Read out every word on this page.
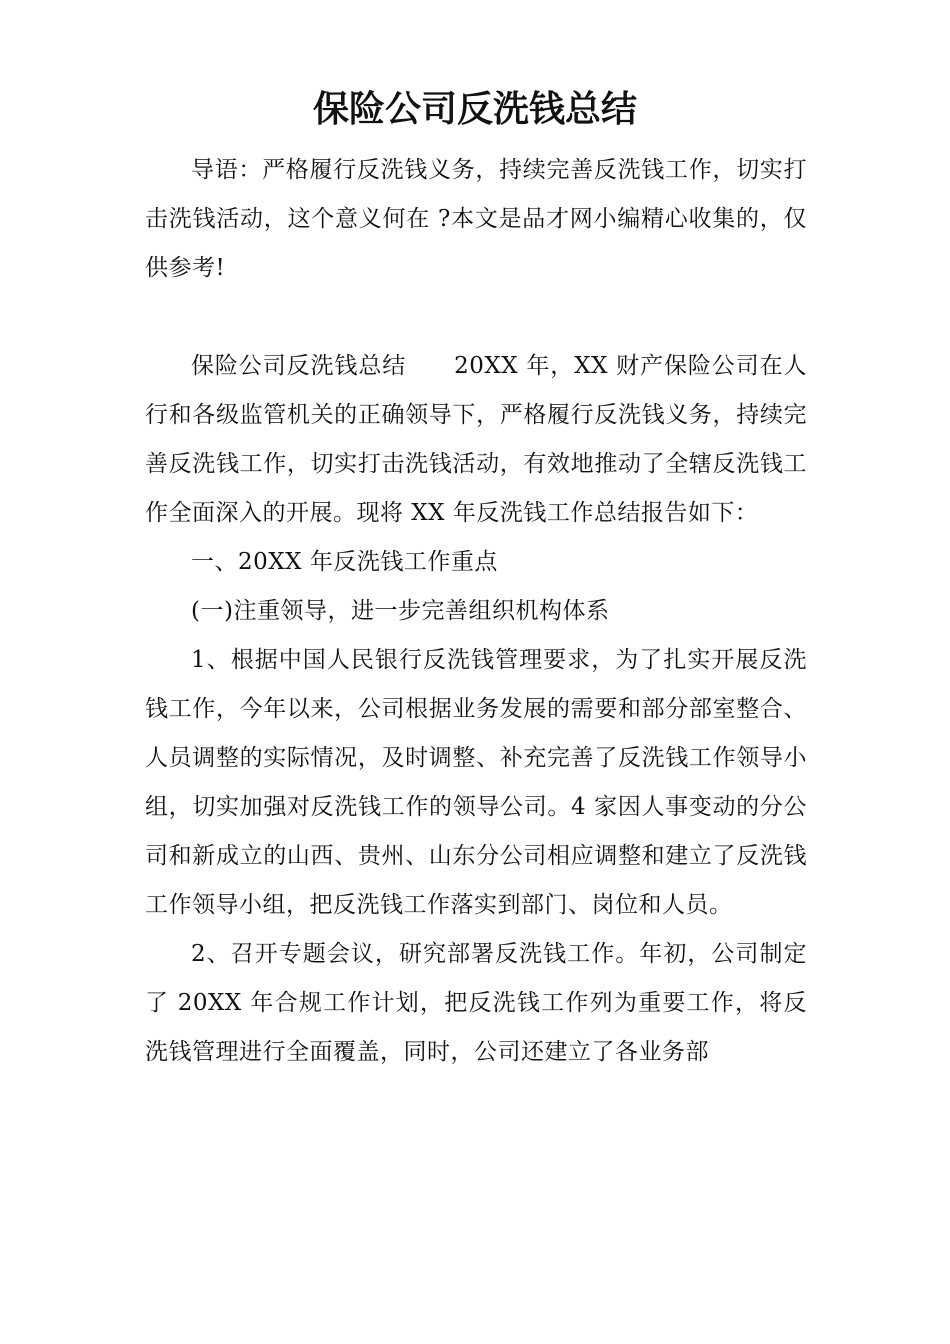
保险公司反洗钱总结

导语：严格履行反洗钱义务，持续完善反洗钱工作，切实打击洗钱活动，这个意义何在 ?本文是品才网小编精心收集的，仅供参考!

保险公司反洗钱总结 20XX 年，XX 财产保险公司在人行和各级监管机关的正确领导下，严格履行反洗钱义务，持续完善反洗钱工作，切实打击洗钱活动，有效地推动了全辖反洗钱工作全面深入的开展。现将 XX 年反洗钱工作总结报告如下：

一、20XX 年反洗钱工作重点

(一)注重领导，进一步完善组织机构体系

1、根据中国人民银行反洗钱管理要求，为了扎实开展反洗钱工作，今年以来，公司根据业务发展的需要和部分部室整合、人员调整的实际情况，及时调整、补充完善了反洗钱工作领导小组，切实加强对反洗钱工作的领导公司。4 家因人事变动的分公司和新成立的山西、贵州、山东分公司相应调整和建立了反洗钱工作领导小组，把反洗钱工作落实到部门、岗位和人员。

2、召开专题会议，研究部署反洗钱工作。年初，公司制定了 20XX 年合规工作计划，把反洗钱工作列为重要工作，将反洗钱管理进行全面覆盖，同时，公司还建立了各业务部
